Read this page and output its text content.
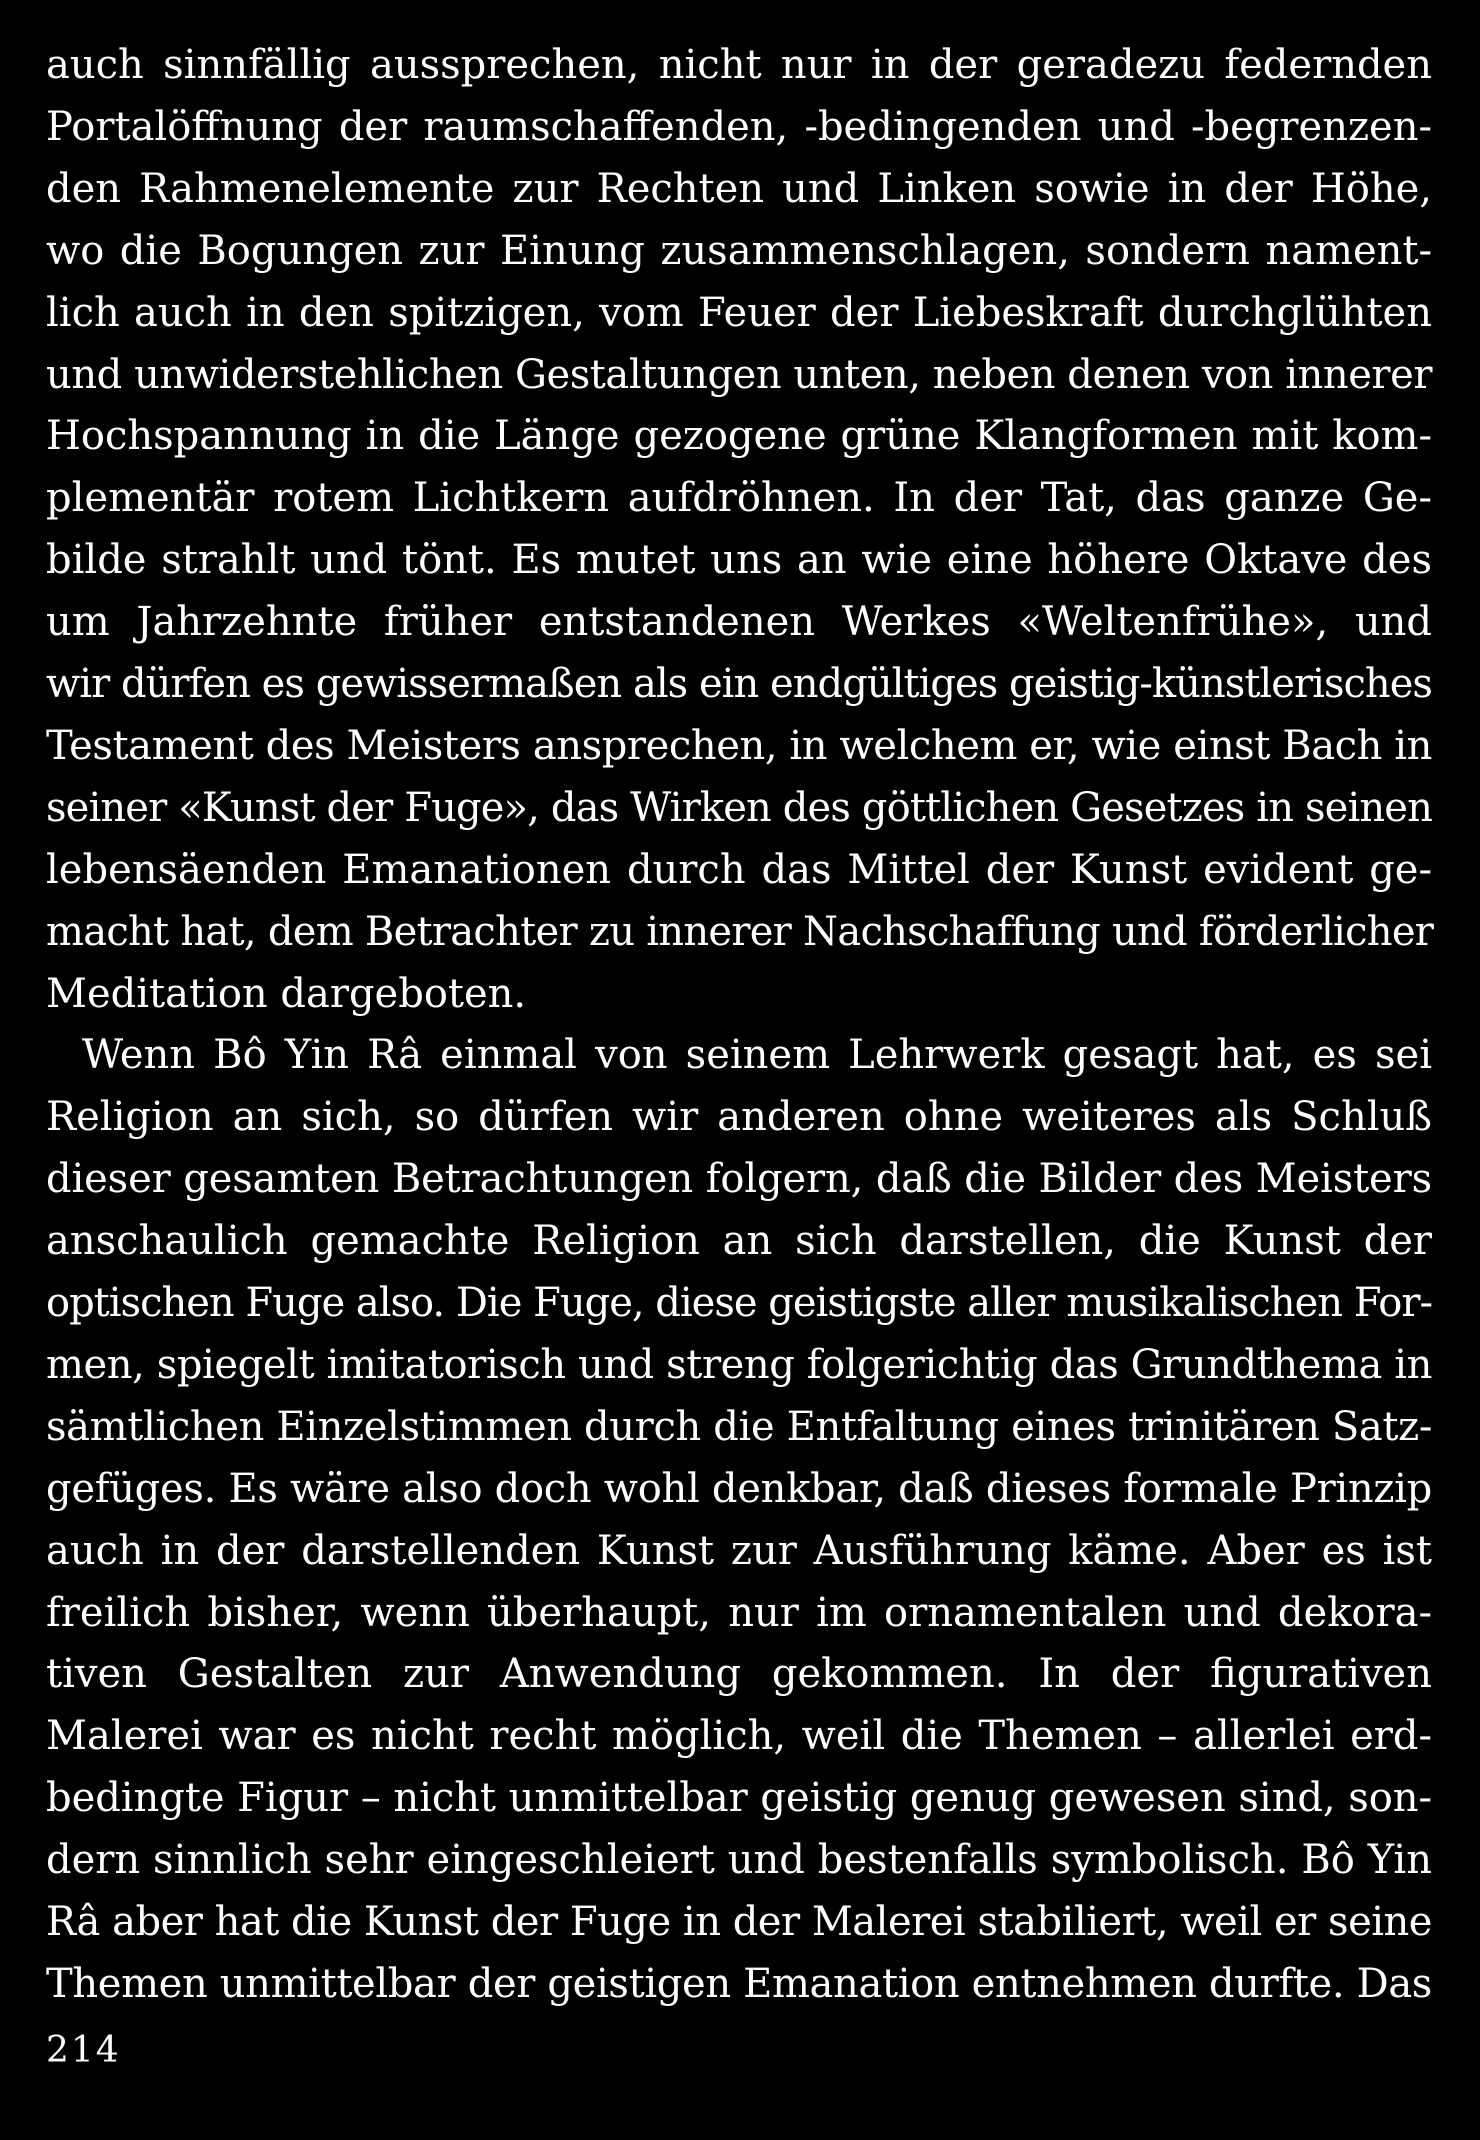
auch sinnfällig aussprechen, nicht nur in der geradezu federnden
Portalöffnung der raumschaffenden, -bedingenden und -begrenzen-
den Rahmenelemente zur Rechten und Linken sowie in der Höhe,
wo die Bogungen zur Einung zusammenschlagen, sondern nament-
lich auch in den spitzigen, vom Feuer der Liebeskraft durchglühten
und unwiderstehlichen Gestaltungen unten, neben denen von innerer
Hochspannung in die Länge gezogene grüne Klangformen mit kom-
plementär rotem Lichtkern aufdröhnen. In der Tat, das ganze Ge-
bilde strahlt und tönt. Es mutet uns an wie eine höhere Oktave des
um Jahrzehnte früher entstandenen Werkes «Weltenfrühe», und
wir dürfen es gewissermaßen als ein endgültiges geistig-künstlerisches
Testament des Meisters ansprechen, in welchem er, wie einst Bach in
seiner «Kunst der Fuge», das Wirken des göttlichen Gesetzes in seinen
lebensäenden Emanationen durch das Mittel der Kunst evident ge-
macht hat, dem Betrachter zu innerer Nachschaffung und förderlicher
Meditation dargeboten.
Wenn Bô Yin Râ einmal von seinem Lehrwerk gesagt hat, es sei
Religion an sich, so dürfen wir anderen ohne weiteres als Schluß
dieser gesamten Betrachtungen folgern, daß die Bilder des Meisters
anschaulich gemachte Religion an sich darstellen, die Kunst der
optischen Fuge also. Die Fuge, diese geistigste aller musikalischen For-
men, spiegelt imitatorisch und streng folgerichtig das Grundthema in
sämtlichen Einzelstimmen durch die Entfaltung eines trinitären Satz-
gefüges. Es wäre also doch wohl denkbar, daß dieses formale Prinzip
auch in der darstellenden Kunst zur Ausführung käme. Aber es ist
freilich bisher, wenn überhaupt, nur im ornamentalen und dekora-
tiven Gestalten zur Anwendung gekommen. In der figurativen
Malerei war es nicht recht möglich, weil die Themen – allerlei erd-
bedingte Figur – nicht unmittelbar geistig genug gewesen sind, son-
dern sinnlich sehr eingeschleiert und bestenfalls symbolisch. Bô Yin
Râ aber hat die Kunst der Fuge in der Malerei stabiliert, weil er seine
Themen unmittelbar der geistigen Emanation entnehmen durfte. Das
214
